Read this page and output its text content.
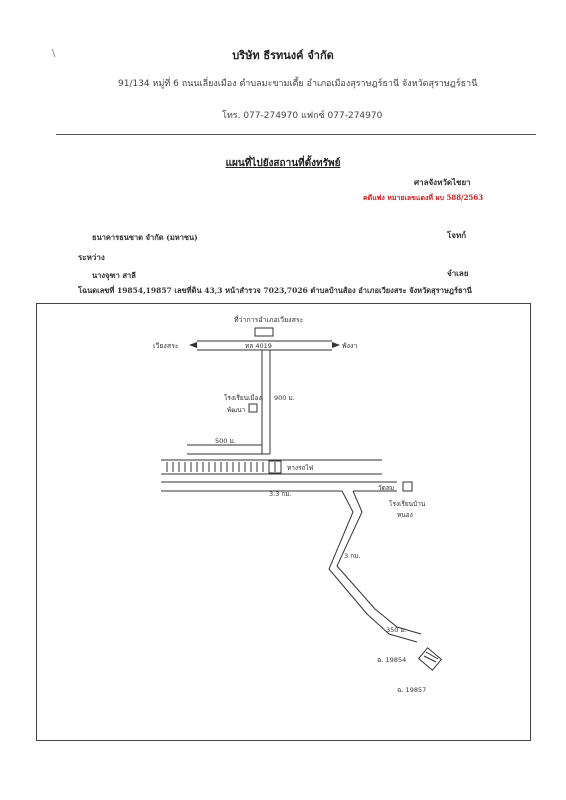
\	บริษัท ธีรทนงค์ จำกัด
91/134 หมู่ที่ 6 ถนนเลี่ยงเมือง ตำบลมะขามเตี้ย อำเภอเมืองสุราษฎร์ธานี จังหวัดสุราษฎร์ธานี
โทร. 077-274970 แฟกซ์ 077-274970
แผนที่ไปยังสถานที่ตั้งทรัพย์
ศาลจังหวัดไชยา
คดีแพ่ง หมายเลขแดงที่ ผบ 588/2563
ธนาคารธนชาต จำกัด (มหาชน)	โจทก์
ระหว่าง
นางจุฑา สาลี	จำเลย
โฉนดเลขที่ 19854,19857 เลขที่ดิน 43,3 หน้าสำรวจ 7023,7026 ตำบลบ้านส้อง อำเภอเวียงสระ จังหวัดสุราษฎร์ธานี
ที่ว่าการอำเภอเวียงสระ
ทล 4019
เวียงสระ	พังงา
โรงเรียนเมือง
พัฒนา
900 ม.
500 ม.
ทางรถไฟ
3.3 กม.
วัดสม
โรงเรียนบ้าน
หนอง
3 กม.
350 ม.
ฉ. 19854
ฉ. 19857
